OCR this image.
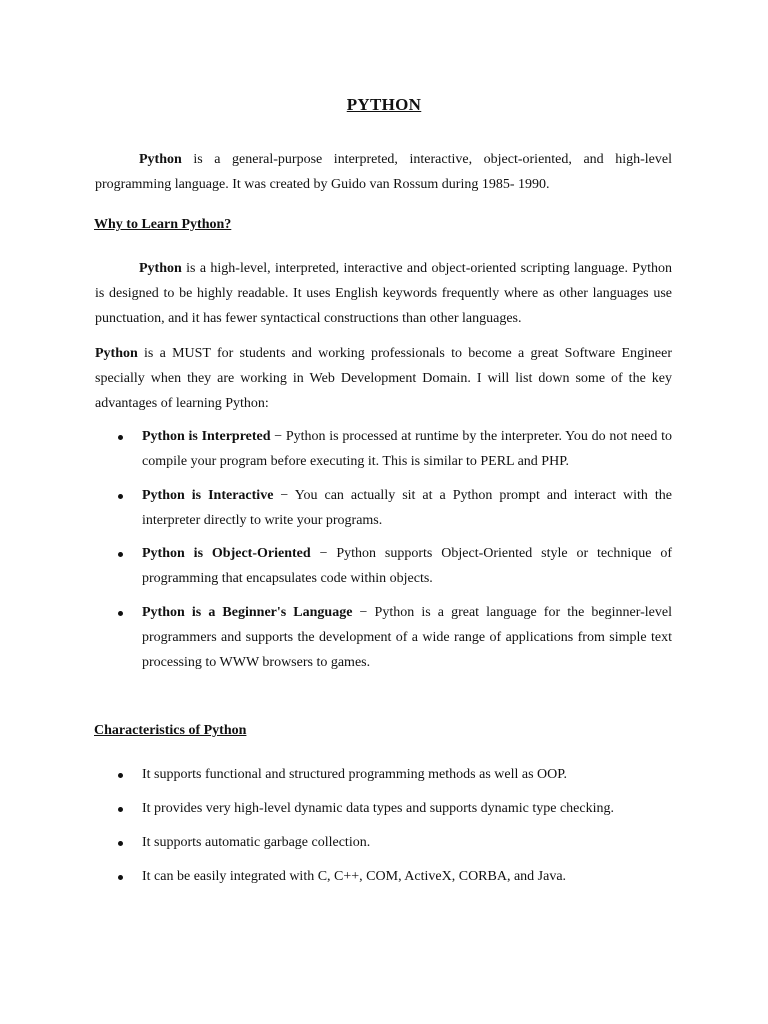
PYTHON

Python is a general-purpose interpreted, interactive, object-oriented, and high-level programming language. It was created by Guido van Rossum during 1985- 1990.

Why to Learn Python?

Python is a high-level, interpreted, interactive and object-oriented scripting language. Python is designed to be highly readable. It uses English keywords frequently where as other languages use punctuation, and it has fewer syntactical constructions than other languages.

Python is a MUST for students and working professionals to become a great Software Engineer specially when they are working in Web Development Domain. I will list down some of the key advantages of learning Python:

Python is Interpreted − Python is processed at runtime by the interpreter. You do not need to compile your program before executing it. This is similar to PERL and PHP.
Python is Interactive − You can actually sit at a Python prompt and interact with the interpreter directly to write your programs.
Python is Object-Oriented − Python supports Object-Oriented style or technique of programming that encapsulates code within objects.
Python is a Beginner's Language − Python is a great language for the beginner-level programmers and supports the development of a wide range of applications from simple text processing to WWW browsers to games.
Characteristics of Python
It supports functional and structured programming methods as well as OOP.
It provides very high-level dynamic data types and supports dynamic type checking.
It supports automatic garbage collection.
It can be easily integrated with C, C++, COM, ActiveX, CORBA, and Java.
